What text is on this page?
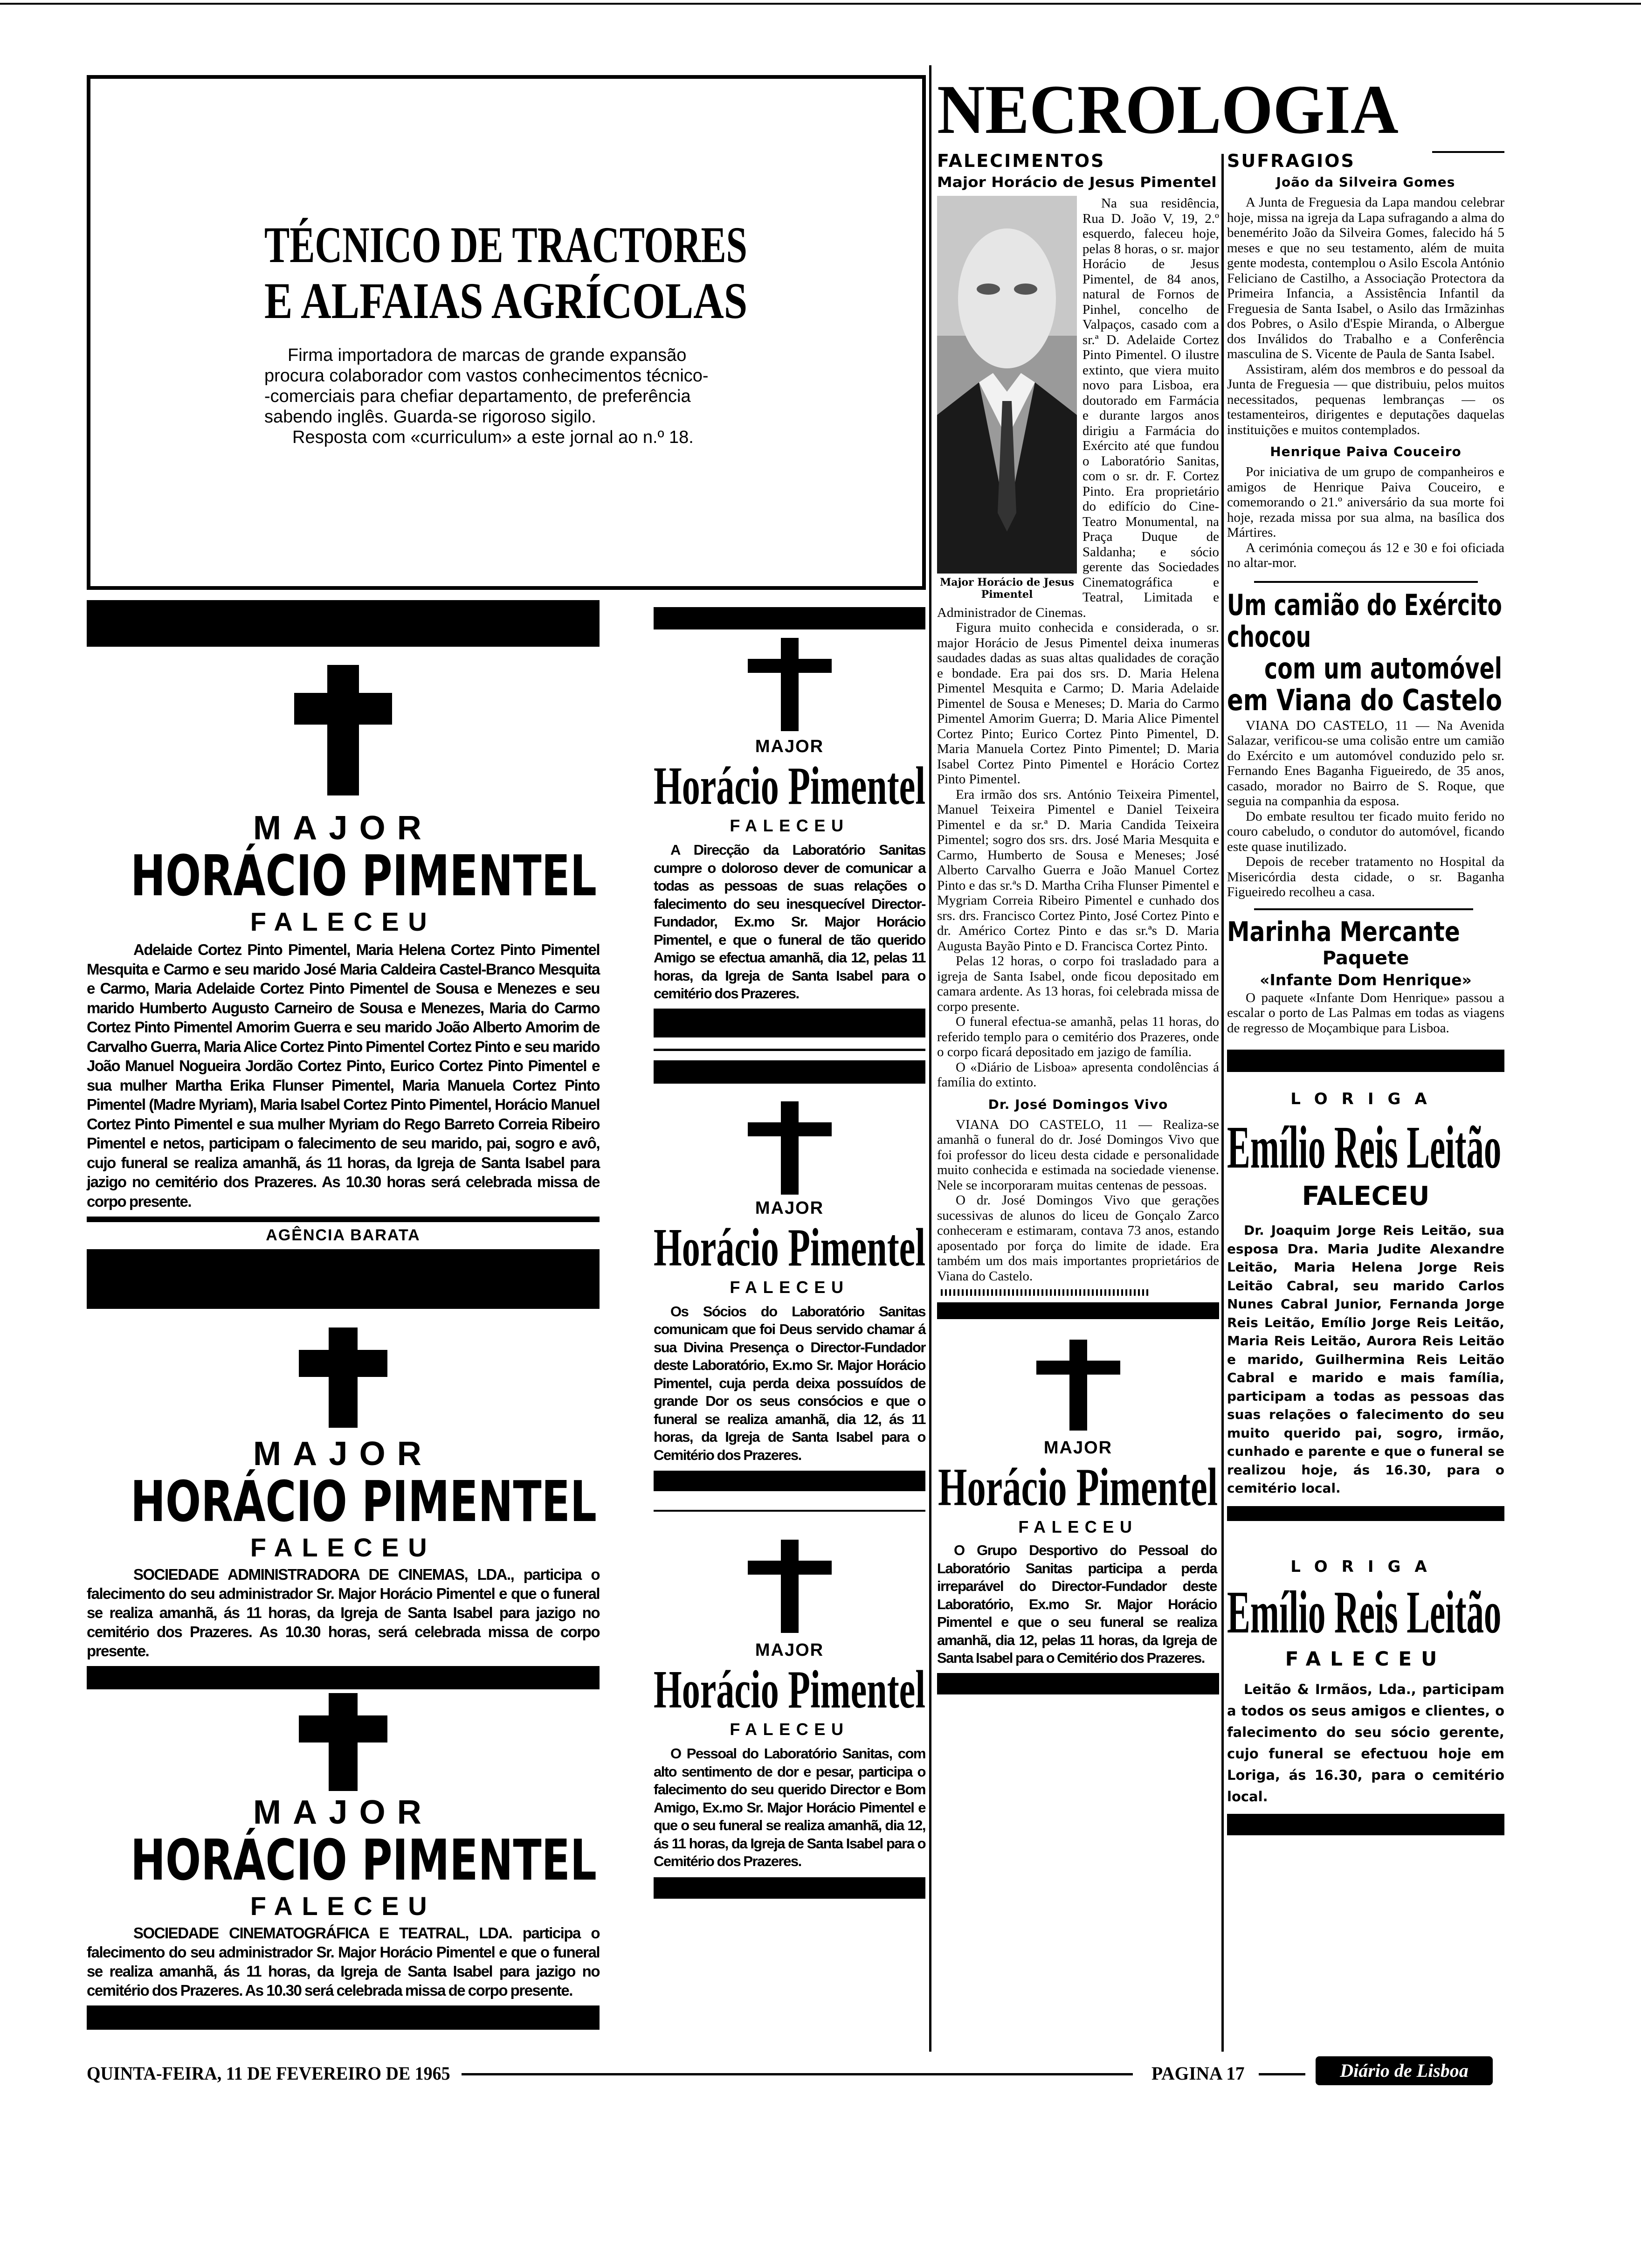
TÉCNICO DE TRACTORES
E ALFAIAS AGRÍCOLAS
Firma importadora de marcas de grande expansão
procura colaborador com vastos conhecimentos técnico-
-comerciais para chefiar departamento, de preferência
sabendo inglês. Guarda-se rigoroso sigilo.
Resposta com «curriculum» a este jornal ao n.º 18.
NECROLOGIA
MAJOR
HORÁCIO PIMENTEL
FALECEU
Adelaide Cortez Pinto Pimentel, Maria Helena Cortez Pinto Pimentel Mesquita e Carmo e seu marido José Maria Caldeira Castel-Branco Mesquita e Carmo, Maria Adelaide Cortez Pinto Pimentel de Sousa e Menezes e seu marido Humberto Augusto Carneiro de Sousa e Menezes, Maria do Carmo Cortez Pinto Pimentel Amorim Guerra e seu marido João Alberto Amorim de Carvalho Guerra, Maria Alice Cortez Pinto Pimentel Cortez Pinto e seu marido João Manuel Nogueira Jordão Cortez Pinto, Eurico Cortez Pinto Pimentel e sua mulher Martha Erika Flunser Pimentel, Maria Manuela Cortez Pinto Pimentel (Madre Myriam), Maria Isabel Cortez Pinto Pimentel, Horácio Manuel Cortez Pinto Pimentel e sua mulher Myriam do Rego Barreto Correia Ribeiro Pimentel e netos, participam o falecimento de seu marido, pai, sogro e avô, cujo funeral se realiza amanhã, ás 11 horas, da Igreja de Santa Isabel para jazigo no cemitério dos Prazeres. As 10.30 horas será celebrada missa de corpo presente.
AGÊNCIA BARATA
MAJOR
HORÁCIO PIMENTEL
FALECEU
SOCIEDADE ADMINISTRADORA DE CINEMAS, LDA., participa o falecimento do seu administrador Sr. Major Horácio Pimentel e que o funeral se realiza amanhã, ás 11 horas, da Igreja de Santa Isabel para jazigo no cemitério dos Prazeres. As 10.30 horas, será celebrada missa de corpo presente.
MAJOR
HORÁCIO PIMENTEL
FALECEU
SOCIEDADE CINEMATOGRÁFICA E TEATRAL, LDA. participa o falecimento do seu administrador Sr. Major Horácio Pimentel e que o funeral se realiza amanhã, ás 11 horas, da Igreja de Santa Isabel para jazigo no cemitério dos Prazeres. As 10.30 será celebrada missa de corpo presente.
MAJOR
Horácio Pimentel
FALECEU
A Direcção da Laboratório Sanitas cumpre o doloroso dever de comunicar a todas as pessoas de suas relações o falecimento do seu inesquecível Director-Fundador, Ex.mo Sr. Major Horácio Pimentel, e que o funeral de tão querido Amigo se efectua amanhã, dia 12, pelas 11 horas, da Igreja de Santa Isabel para o cemitério dos Prazeres.
MAJOR
Horácio Pimentel
FALECEU
Os Sócios do Laboratório Sanitas comunicam que foi Deus servido chamar á sua Divina Presença o Director-Fundador deste Laboratório, Ex.mo Sr. Major Horácio Pimentel, cuja perda deixa possuídos de grande Dor os seus consócios e que o funeral se realiza amanhã, dia 12, ás 11 horas, da Igreja de Santa Isabel para o Cemitério dos Prazeres.
MAJOR
Horácio Pimentel
FALECEU
O Pessoal do Laboratório Sanitas, com alto sentimento de dor e pesar, participa o falecimento do seu querido Director e Bom Amigo, Ex.mo Sr. Major Horácio Pimentel e que o seu funeral se realiza amanhã, dia 12, ás 11 horas, da Igreja de Santa Isabel para o Cemitério dos Prazeres.
FALECIMENTOS
Major Horácio de Jesus Pimentel
Major Horácio de Jesus Pimentel

Na sua residência, Rua D. João V, 19, 2.º esquerdo, faleceu hoje, pelas 8 horas, o sr. major Horácio de Jesus Pimentel, de 84 anos, natural de Fornos de Pinhel, concelho de Valpaços, casado com a sr.ª D. Adelaide Cortez Pinto Pimentel. O ilustre extinto, que viera muito novo para Lisboa, era doutorado em Farmácia e durante largos anos dirigiu a Farmácia do Exército até que fundou o Laboratório Sanitas, com o sr. dr. F. Cortez Pinto. Era proprietário do edifício do Cine-Teatro Monumental, na Praça Duque de Saldanha; e sócio gerente das Sociedades Cinematográfica e Teatral, Limitada e Administrador de Cinemas.

Figura muito conhecida e considerada, o sr. major Horácio de Jesus Pimentel deixa inumeras saudades dadas as suas altas qualidades de coração e bondade. Era pai dos srs. D. Maria Helena Pimentel Mesquita e Carmo; D. Maria Adelaide Pimentel de Sousa e Meneses; D. Maria do Carmo Pimentel Amorim Guerra; D. Maria Alice Pimentel Cortez Pinto; Eurico Cortez Pinto Pimentel, D. Maria Manuela Cortez Pinto Pimentel; D. Maria Isabel Cortez Pinto Pimentel e Horácio Cortez Pinto Pimentel.

Era irmão dos srs. António Teixeira Pimentel, Manuel Teixeira Pimentel e Daniel Teixeira Pimentel e da sr.ª D. Maria Candida Teixeira Pimentel; sogro dos srs. drs. José Maria Mesquita e Carmo, Humberto de Sousa e Meneses; José Alberto Carvalho Guerra e João Manuel Cortez Pinto e das sr.ªs D. Martha Criha Flunser Pimentel e Mygriam Correia Ribeiro Pimentel e cunhado dos srs. drs. Francisco Cortez Pinto, José Cortez Pinto e dr. Américo Cortez Pinto e das sr.ªs D. Maria Augusta Bayão Pinto e D. Francisca Cortez Pinto.

Pelas 12 horas, o corpo foi trasladado para a igreja de Santa Isabel, onde ficou depositado em camara ardente. As 13 horas, foi celebrada missa de corpo presente.

O funeral efectua-se amanhã, pelas 11 horas, do referido templo para o cemitério dos Prazeres, onde o corpo ficará depositado em jazigo de família.

O «Diário de Lisboa» apresenta condolências á família do extinto.

Dr. José Domingos Vivo

VIANA DO CASTELO, 11 — Realiza-se amanhã o funeral do dr. José Domingos Vivo que foi professor do liceu desta cidade e personalidade muito conhecida e estimada na sociedade vienense. Nele se incorporaram muitas centenas de pessoas.

O dr. José Domingos Vivo que gerações sucessivas de alunos do liceu de Gonçalo Zarco conheceram e estimaram, contava 73 anos, estando aposentado por força do limite de idade. Era também um dos mais importantes proprietários de Viana do Castelo.

MAJOR
Horácio Pimentel
FALECEU
O Grupo Desportivo do Pessoal do Laboratório Sanitas participa a perda irreparável do Director-Fundador deste Laboratório, Ex.mo Sr. Major Horácio Pimentel e que o seu funeral se realiza amanhã, dia 12, pelas 11 horas, da Igreja de Santa Isabel para o Cemitério dos Prazeres.
SUFRAGIOS
João da Silveira Gomes

A Junta de Freguesia da Lapa mandou celebrar hoje, missa na igreja da Lapa sufragando a alma do benemérito João da Silveira Gomes, falecido há 5 meses e que no seu testamento, além de muita gente modesta, contemplou o Asilo Escola António Feliciano de Castilho, a Associação Protectora da Primeira Infancia, a Assistência Infantil da Freguesia de Santa Isabel, o Asilo das Irmãzinhas dos Pobres, o Asilo d'Espie Miranda, o Albergue dos Inválidos do Trabalho e a Conferência masculina de S. Vicente de Paula de Santa Isabel.

Assistiram, além dos membros e do pessoal da Junta de Freguesia — que distribuiu, pelos muitos necessitados, pequenas lembranças — os testamenteiros, dirigentes e deputações daquelas instituições e muitos contemplados.

Henrique Paiva Couceiro

Por iniciativa de um grupo de companheiros e amigos de Henrique Paiva Couceiro, e comemorando o 21.º aniversário da sua morte foi hoje, rezada missa por sua alma, na basílica dos Mártires.

A cerimónia começou ás 12 e 30 e foi oficiada no altar-mor.

Um camião do Exército
chocou
com um automóvel
em Viana do Castelo

VIANA DO CASTELO, 11 — Na Avenida Salazar, verificou-se uma colisão entre um camião do Exército e um automóvel conduzido pelo sr. Fernando Enes Baganha Figueiredo, de 35 anos, casado, morador no Bairro de S. Roque, que seguia na companhia da esposa.

Do embate resultou ter ficado muito ferido no couro cabeludo, o condutor do automóvel, ficando este quase inutilizado.

Depois de receber tratamento no Hospital da Misericórdia desta cidade, o sr. Baganha Figueiredo recolheu a casa.

Marinha Mercante
Paquete
«Infante Dom Henrique»

O paquete «Infante Dom Henrique» passou a escalar o porto de Las Palmas em todas as viagens de regresso de Moçambique para Lisboa.

LORIGA
Emílio Reis Leitão
FALECEU
Dr. Joaquim Jorge Reis Leitão, sua esposa Dra. Maria Judite Alexandre Leitão, Maria Helena Jorge Reis Leitão Cabral, seu marido Carlos Nunes Cabral Junior, Fernanda Jorge Reis Leitão, Emílio Jorge Reis Leitão, Maria Reis Leitão, Aurora Reis Leitão e marido, Guilhermina Reis Leitão Cabral e marido e mais família, participam a todas as pessoas das suas relações o falecimento do seu muito querido pai, sogro, irmão, cunhado e parente e que o funeral se realizou hoje, ás 16.30, para o cemitério local.
LORIGA
Emílio Reis Leitão
FALECEU
Leitão & Irmãos, Lda., participam a todos os seus amigos e clientes, o falecimento do seu sócio gerente, cujo funeral se efectuou hoje em Loriga, ás 16.30, para o cemitério local.
QUINTA-FEIRA, 11 DE FEVEREIRO DE 1965	PAGINA 17	Diário de Lisboa
